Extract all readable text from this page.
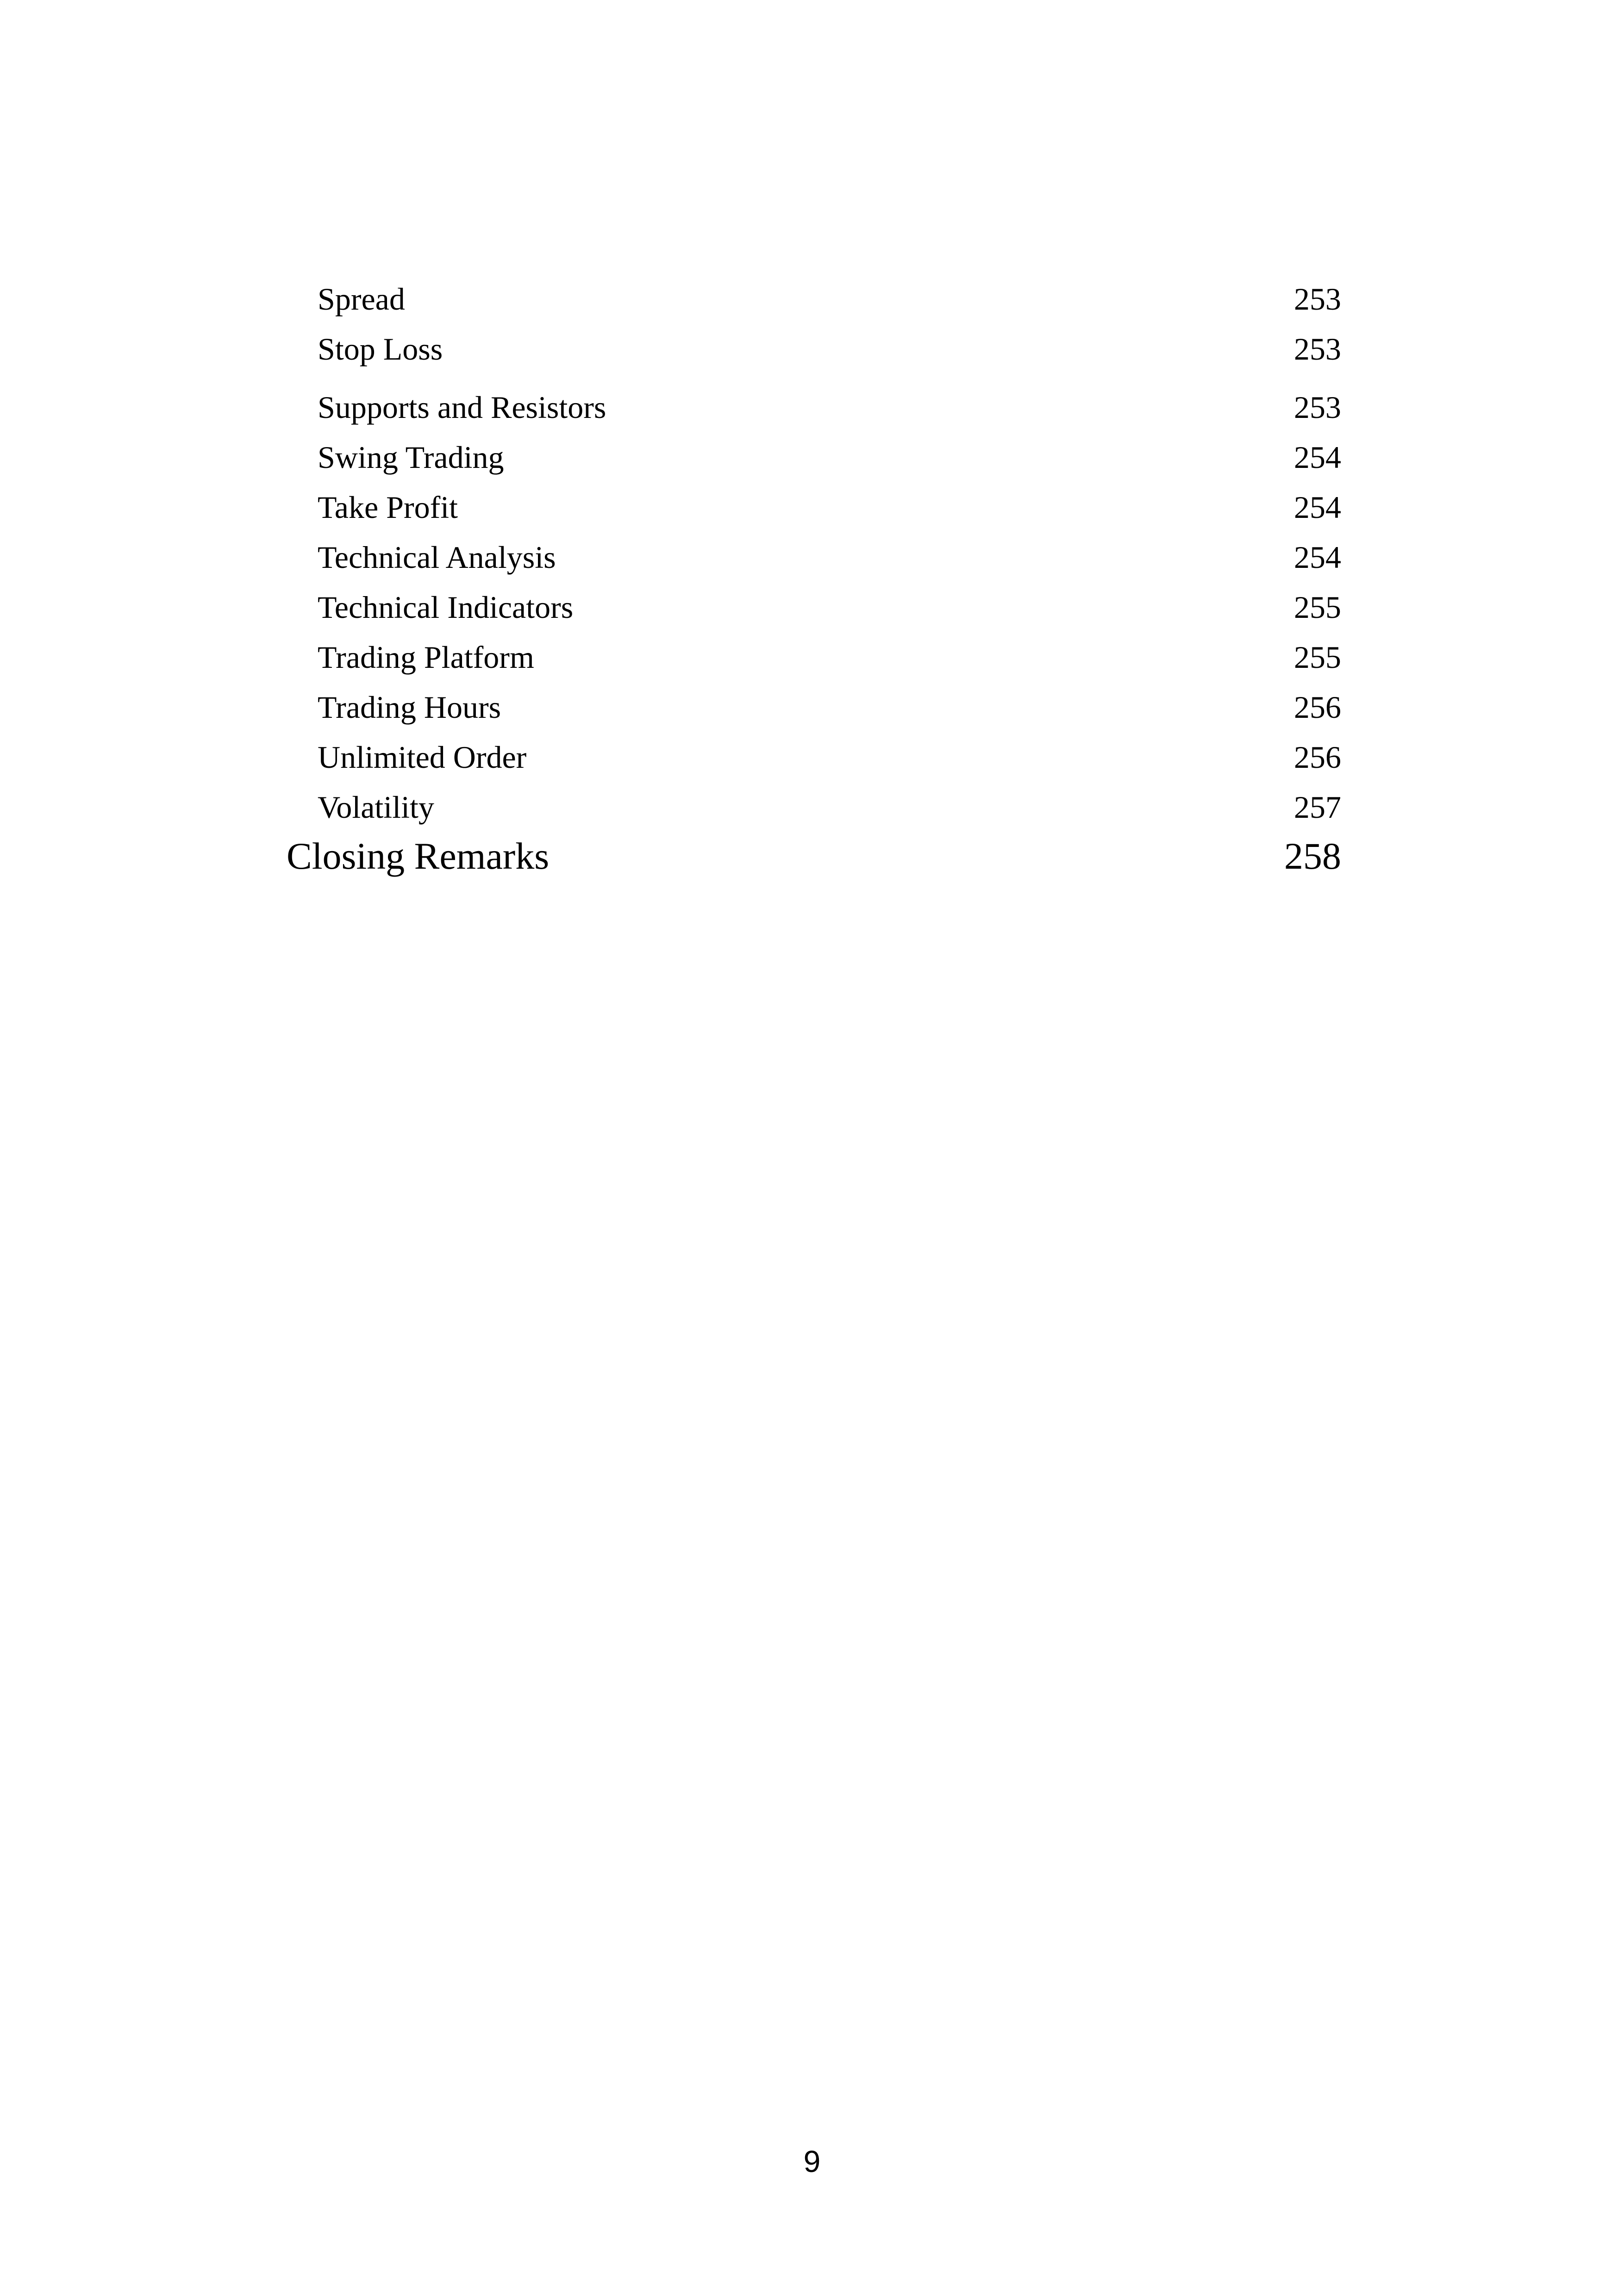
Spread	253
Stop Loss	253
Supports and Resistors	253
Swing Trading	254
Take Profit	254
Technical Analysis	254
Technical Indicators	255
Trading Platform	255
Trading Hours	256
Unlimited Order	256
Volatility	257
Closing Remarks	258
9
